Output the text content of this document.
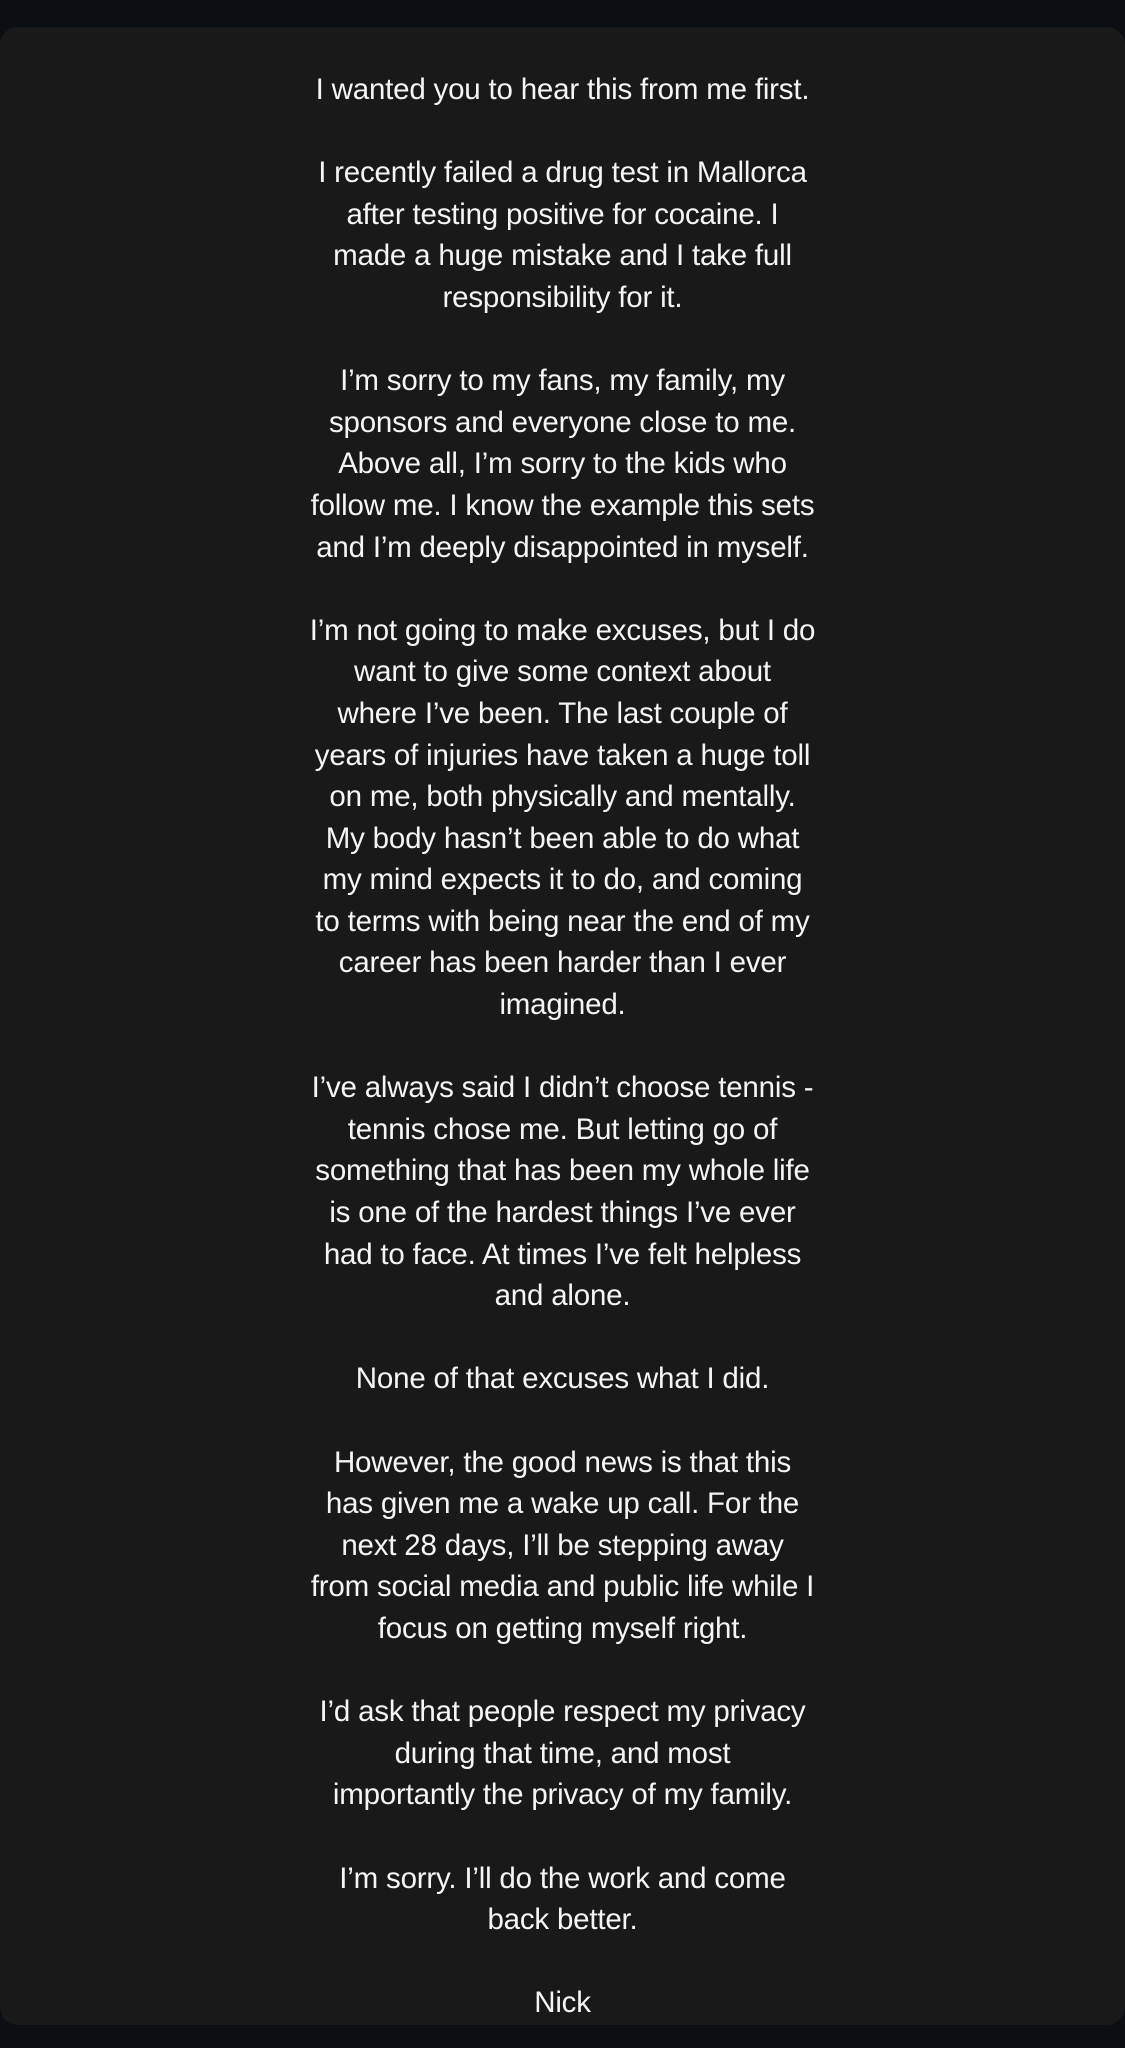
I wanted you to hear this from me first.

I recently failed a drug test in Mallorca
after testing positive for cocaine. I
made a huge mistake and I take full
responsibility for it.

I’m sorry to my fans, my family, my
sponsors and everyone close to me.
Above all, I’m sorry to the kids who
follow me. I know the example this sets
and I’m deeply disappointed in myself.

I’m not going to make excuses, but I do
want to give some context about
where I’ve been. The last couple of
years of injuries have taken a huge toll
on me, both physically and mentally.
My body hasn’t been able to do what
my mind expects it to do, and coming
to terms with being near the end of my
career has been harder than I ever
imagined.

I’ve always said I didn’t choose tennis -
tennis chose me. But letting go of
something that has been my whole life
is one of the hardest things I’ve ever
had to face. At times I’ve felt helpless
and alone.

None of that excuses what I did.

However, the good news is that this
has given me a wake up call. For the
next 28 days, I’ll be stepping away
from social media and public life while I
focus on getting myself right.

I’d ask that people respect my privacy
during that time, and most
importantly the privacy of my family.

I’m sorry. I’ll do the work and come
back better.

Nick
